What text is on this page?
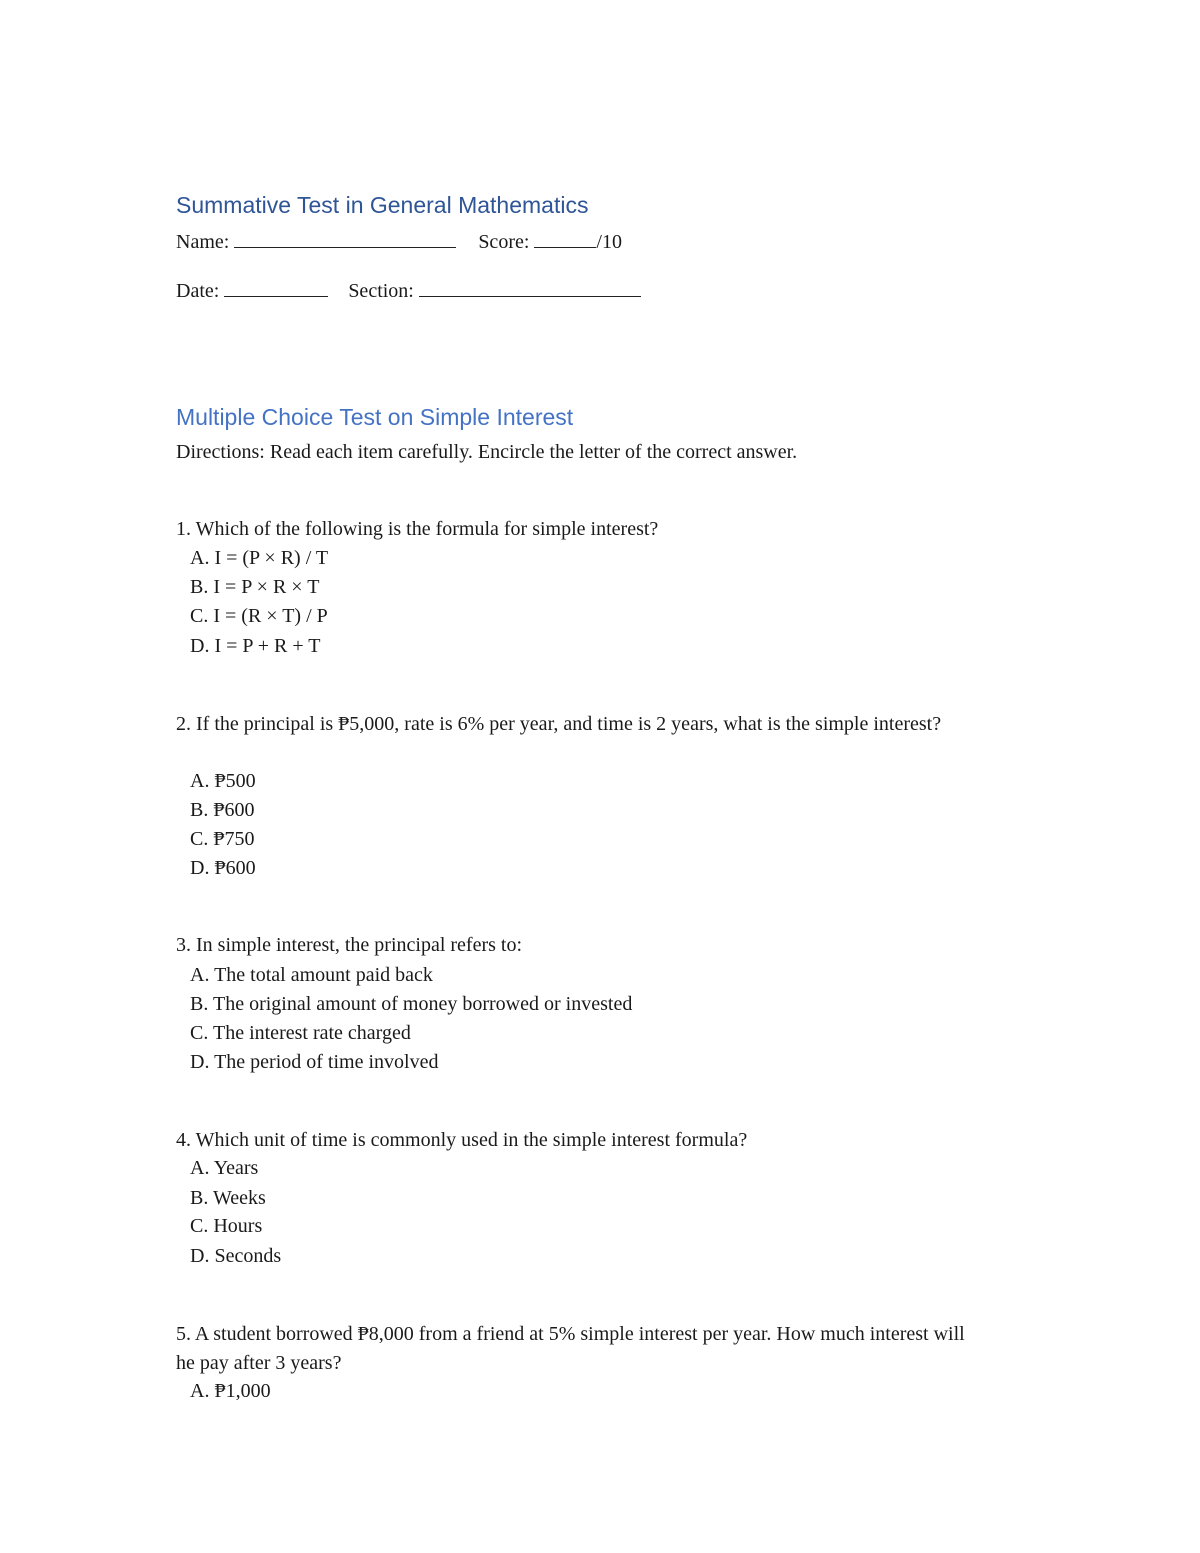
Summative Test in General Mathematics
Name:	Score:	/10
Date:	Section:
Multiple Choice Test on Simple Interest
Directions: Read each item carefully. Encircle the letter of the correct answer.
1. Which of the following is the formula for simple interest?
A. I = (P × R) / T
B. I = P × R × T
C. I = (R × T) / P
D. I = P + R + T
2. If the principal is ₱5,000, rate is 6% per year, and time is 2 years, what is the simple interest?
A. ₱500
B. ₱600
C. ₱750
D. ₱600
3. In simple interest, the principal refers to:
A. The total amount paid back
B. The original amount of money borrowed or invested
C. The interest rate charged
D. The period of time involved
4. Which unit of time is commonly used in the simple interest formula?
A. Years
B. Weeks
C. Hours
D. Seconds
5. A student borrowed ₱8,000 from a friend at 5% simple interest per year. How much interest will he pay after 3 years?
A. ₱1,000
